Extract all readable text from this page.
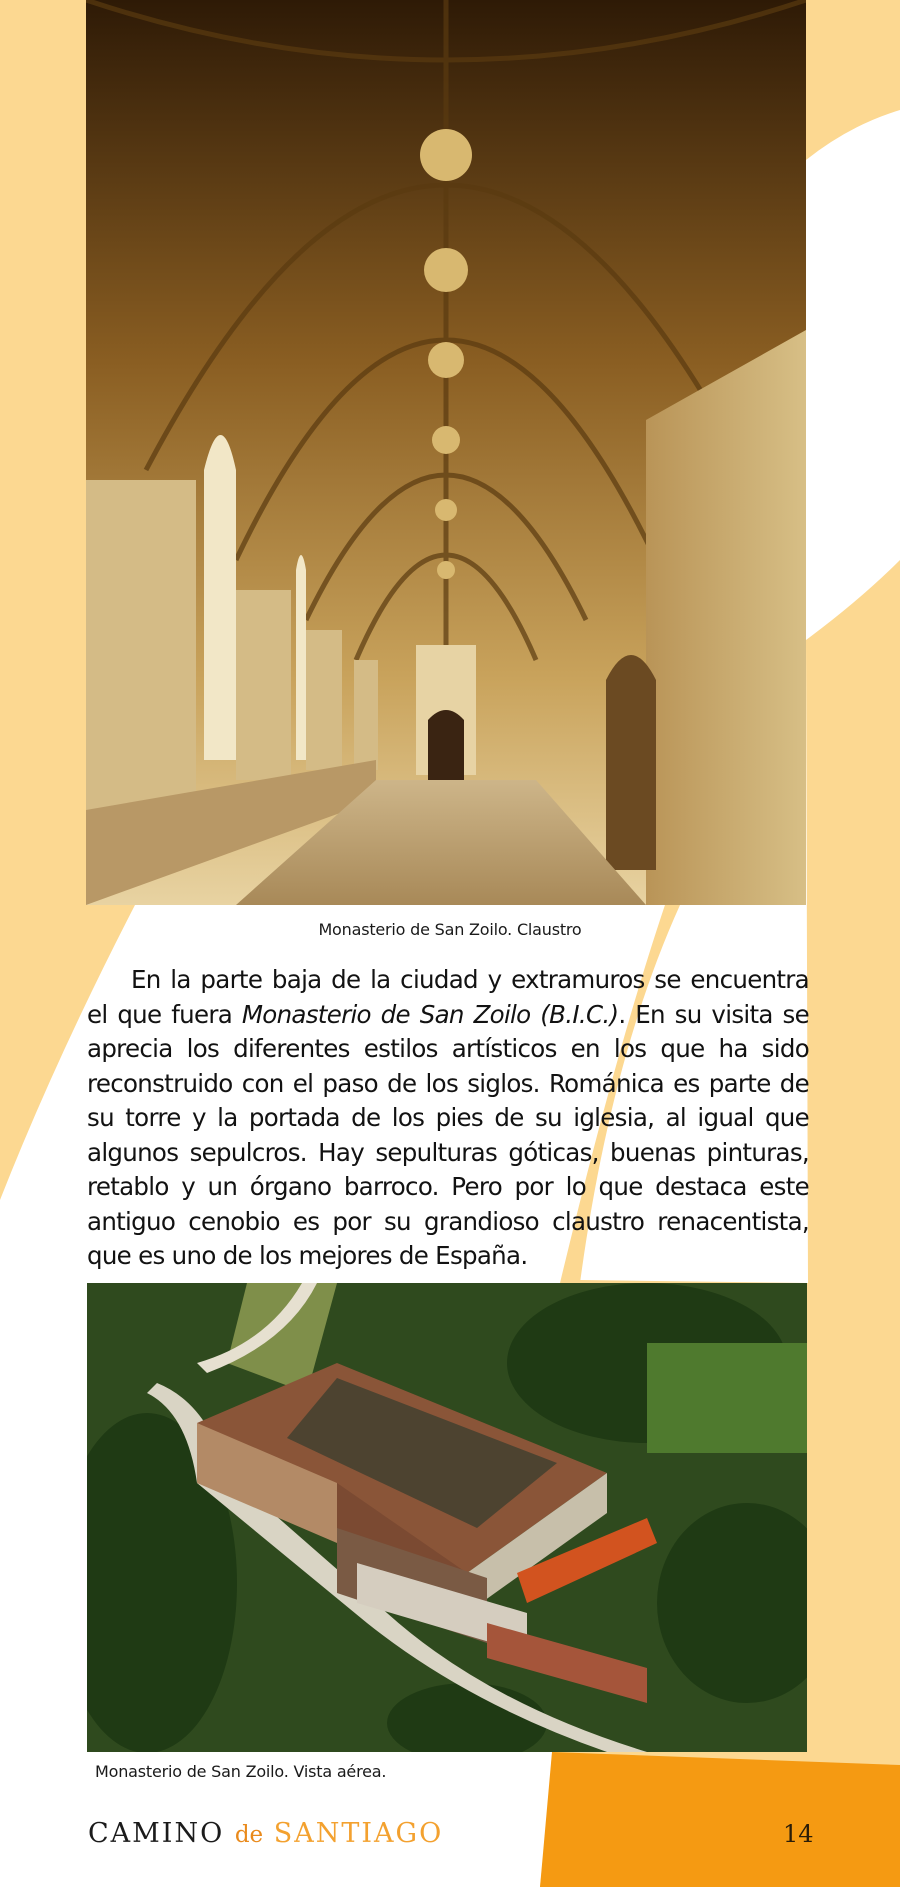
Monasterio de San Zoilo. Claustro

En la parte baja de la ciudad y extramuros se encuentra el que fuera Monasterio de San Zoilo (B.I.C.). En su visita se aprecia los diferentes estilos artísticos en los que ha sido reconstruido con el paso de los siglos. Románica es parte de su torre y la portada de los pies de su iglesia, al igual que algunos sepulcros. Hay sepulturas góticas, buenas pinturas, retablo y un órgano barroco. Pero por lo que destaca este antiguo cenobio es por su grandioso claustro renacentista, que es uno de los mejores de España.

Monasterio de San Zoilo. Vista aérea.
CAMINO de SANTIAGO	14
